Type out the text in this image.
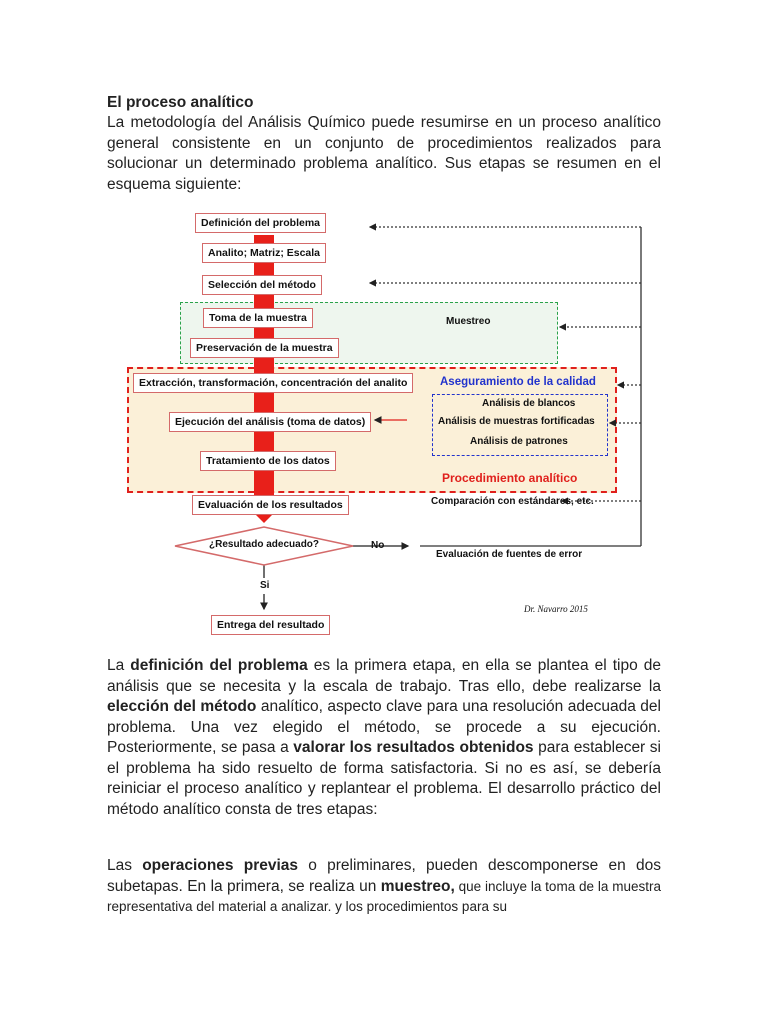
El proceso analítico
La metodología del Análisis Químico puede resumirse en un proceso analítico general consistente en un conjunto de procedimientos realizados para solucionar un determinado problema analítico. Sus etapas se resumen en el esquema siguiente:
Definición del problema
Analito; Matriz; Escala
Selección del método
Toma de la muestra
Preservación de la muestra
Muestreo
Extracción, transformación, concentración del analito
Ejecución del análisis (toma de datos)
Tratamiento de los datos
Aseguramiento de la calidad
Análisis de blancos
Análisis de muestras fortificadas
Análisis de patrones
Procedimiento analítico
Evaluación de los resultados	Comparación con estándares, etc.
¿Resultado adecuado?	No
Evaluación de fuentes de error
Si
Entrega del resultado
Dr. Navarro 2015
La definición del problema es la primera etapa, en ella se plantea el tipo de análisis que se necesita y la escala de trabajo. Tras ello, debe realizarse la elección del método analítico, aspecto clave para una resolución adecuada del problema. Una vez elegido el método, se procede a su ejecución. Posteriormente, se pasa a valorar los resultados obtenidos para establecer si el problema ha sido resuelto de forma satisfactoria. Si no es así, se debería reiniciar el proceso analítico y replantear el problema. El desarrollo práctico del método analítico consta de tres etapas:
Las operaciones previas o preliminares, pueden descomponerse en dos subetapas. En la primera, se realiza un muestreo, que incluye la toma de la muestra representativa del material a analizar. y los procedimientos para su
